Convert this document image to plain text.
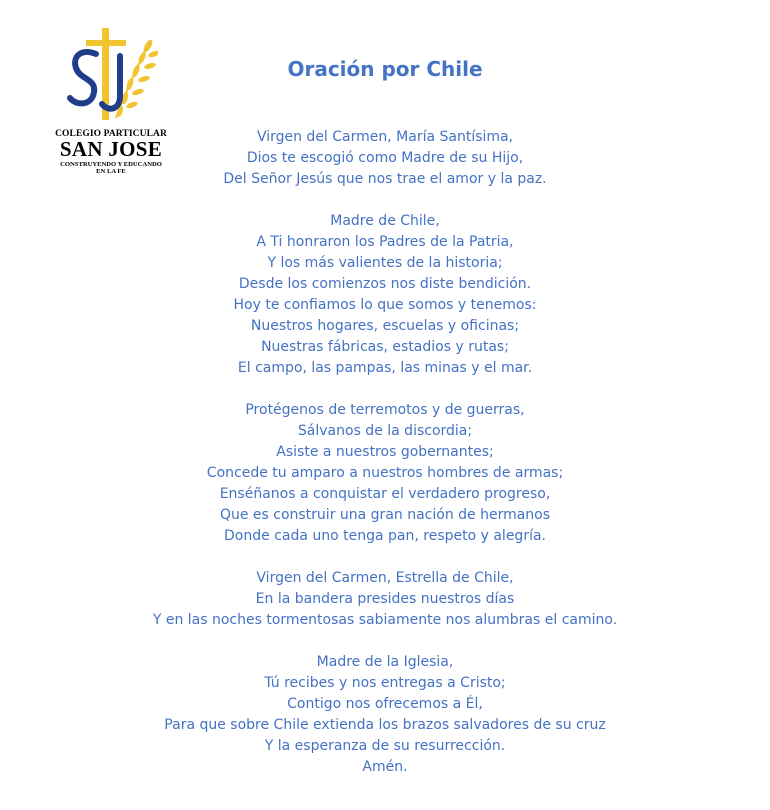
COLEGIO PARTICULAR
SAN JOSE
CONSTRUYENDO Y EDUCANDO
EN LA FE
Oración por Chile
Virgen del Carmen, María Santísima,
Dios te escogió como Madre de su Hijo,
Del Señor Jesús que nos trae el amor y la paz.
Madre de Chile,
A Ti honraron los Padres de la Patria,
Y los más valientes de la historia;
Desde los comienzos nos diste bendición.
Hoy te confiamos lo que somos y tenemos:
Nuestros hogares, escuelas y oficinas;
Nuestras fábricas, estadios y rutas;
El campo, las pampas, las minas y el mar.
Protégenos de terremotos y de guerras,
Sálvanos de la discordia;
Asiste a nuestros gobernantes;
Concede tu amparo a nuestros hombres de armas;
Enséñanos a conquistar el verdadero progreso,
Que es construir una gran nación de hermanos
Donde cada uno tenga pan, respeto y alegría.
Virgen del Carmen, Estrella de Chile,
En la bandera presides nuestros días
Y en las noches tormentosas sabiamente nos alumbras el camino.
Madre de la Iglesia,
Tú recibes y nos entregas a Cristo;
Contigo nos ofrecemos a Él,
Para que sobre Chile extienda los brazos salvadores de su cruz
Y la esperanza de su resurrección.
Amén.
